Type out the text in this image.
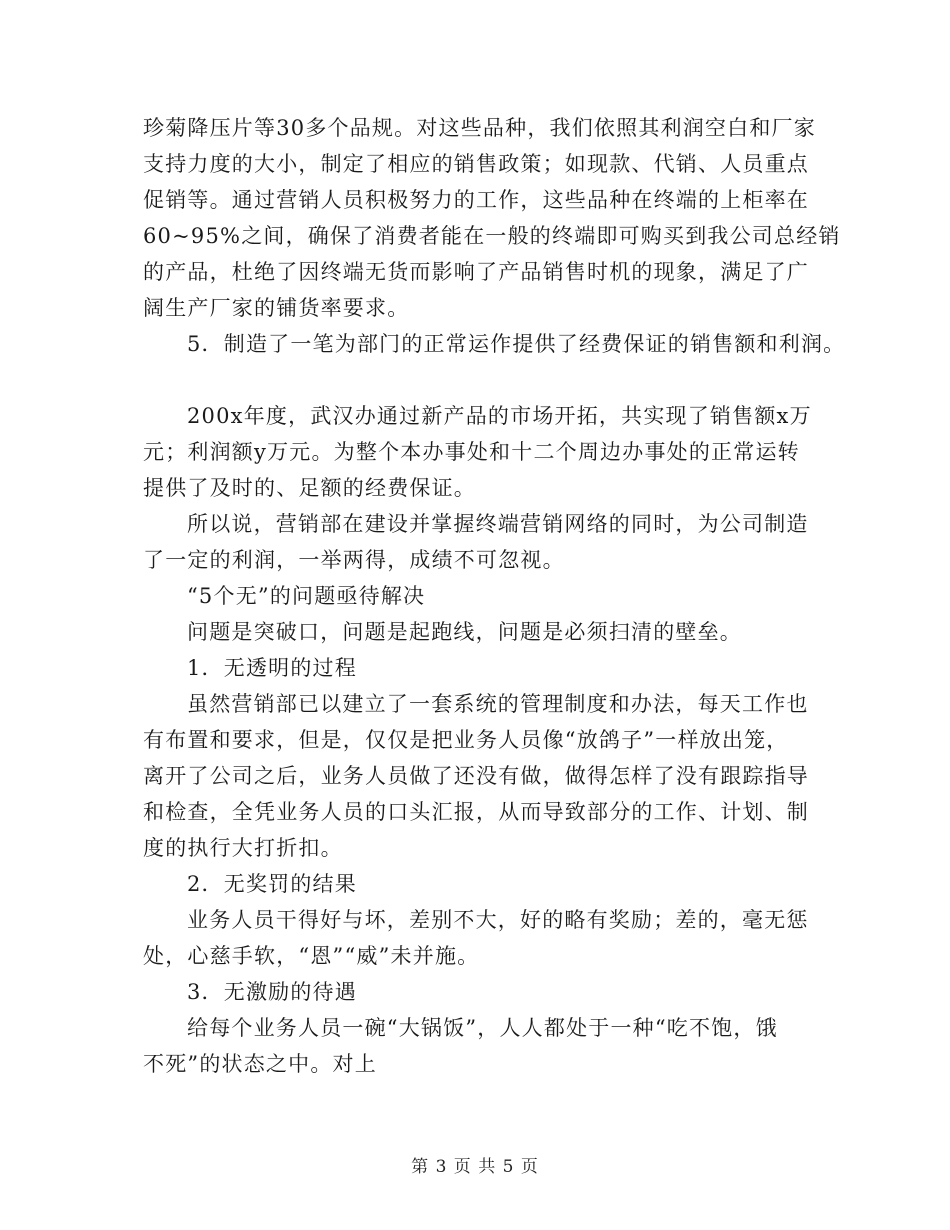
珍菊降压片等30多个品规。对这些品种，我们依照其利润空白和厂家
支持力度的大小，制定了相应的销售政策；如现款、代销、人员重点
促销等。通过营销人员积极努力的工作，这些品种在终端的上柜率在
60~95%之间，确保了消费者能在一般的终端即可购买到我公司总经销
的产品，杜绝了因终端无货而影响了产品销售时机的现象，满足了广
阔生产厂家的铺货率要求。
5．制造了一笔为部门的正常运作提供了经费保证的销售额和利润。
200x年度，武汉办通过新产品的市场开拓，共实现了销售额x万
元；利润额y万元。为整个本办事处和十二个周边办事处的正常运转
提供了及时的、足额的经费保证。
所以说，营销部在建设并掌握终端营销网络的同时，为公司制造
了一定的利润，一举两得，成绩不可忽视。
“5个无”的问题亟待解决
问题是突破口，问题是起跑线，问题是必须扫清的壁垒。
1．无透明的过程
虽然营销部已以建立了一套系统的管理制度和办法，每天工作也
有布置和要求，但是，仅仅是把业务人员像“放鸽子”一样放出笼，
离开了公司之后，业务人员做了还没有做，做得怎样了没有跟踪指导
和检查，全凭业务人员的口头汇报，从而导致部分的工作、计划、制
度的执行大打折扣。
2．无奖罚的结果
业务人员干得好与坏，差别不大，好的略有奖励；差的，毫无惩
处，心慈手软，“恩”“威”未并施。
3．无激励的待遇
给每个业务人员一碗“大锅饭”，人人都处于一种“吃不饱，饿
不死”的状态之中。对上
第 3 页 共 5 页
